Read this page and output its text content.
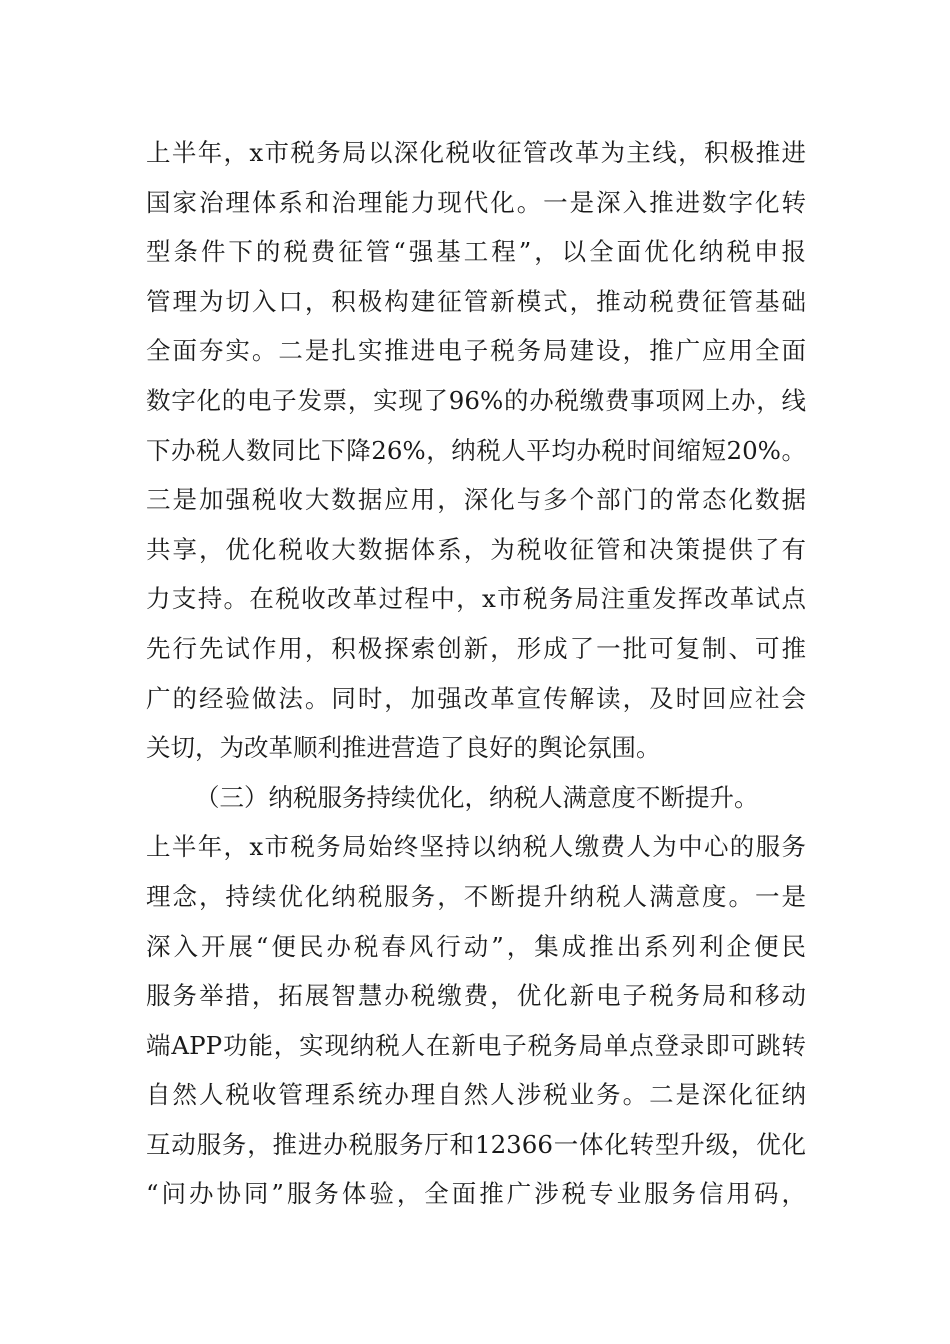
上半年，x市税务局以深化税收征管改革为主线，积极推进
国家治理体系和治理能力现代化。一是深入推进数字化转
型条件下的税费征管“强基工程”，以全面优化纳税申报
管理为切入口，积极构建征管新模式，推动税费征管基础
全面夯实。二是扎实推进电子税务局建设，推广应用全面
数字化的电子发票，实现了96%的办税缴费事项网上办，线
下办税人数同比下降26%，纳税人平均办税时间缩短20%。
三是加强税收大数据应用，深化与多个部门的常态化数据
共享，优化税收大数据体系，为税收征管和决策提供了有
力支持。在税收改革过程中，x市税务局注重发挥改革试点
先行先试作用，积极探索创新，形成了一批可复制、可推
广的经验做法。同时，加强改革宣传解读，及时回应社会
关切，为改革顺利推进营造了良好的舆论氛围。
（三）纳税服务持续优化，纳税人满意度不断提升。
上半年，x市税务局始终坚持以纳税人缴费人为中心的服务
理念，持续优化纳税服务，不断提升纳税人满意度。一是
深入开展“便民办税春风行动”，集成推出系列利企便民
服务举措，拓展智慧办税缴费，优化新电子税务局和移动
端APP功能，实现纳税人在新电子税务局单点登录即可跳转
自然人税收管理系统办理自然人涉税业务。二是深化征纳
互动服务，推进办税服务厅和12366一体化转型升级，优化
“问办协同”服务体验，全面推广涉税专业服务信用码，
